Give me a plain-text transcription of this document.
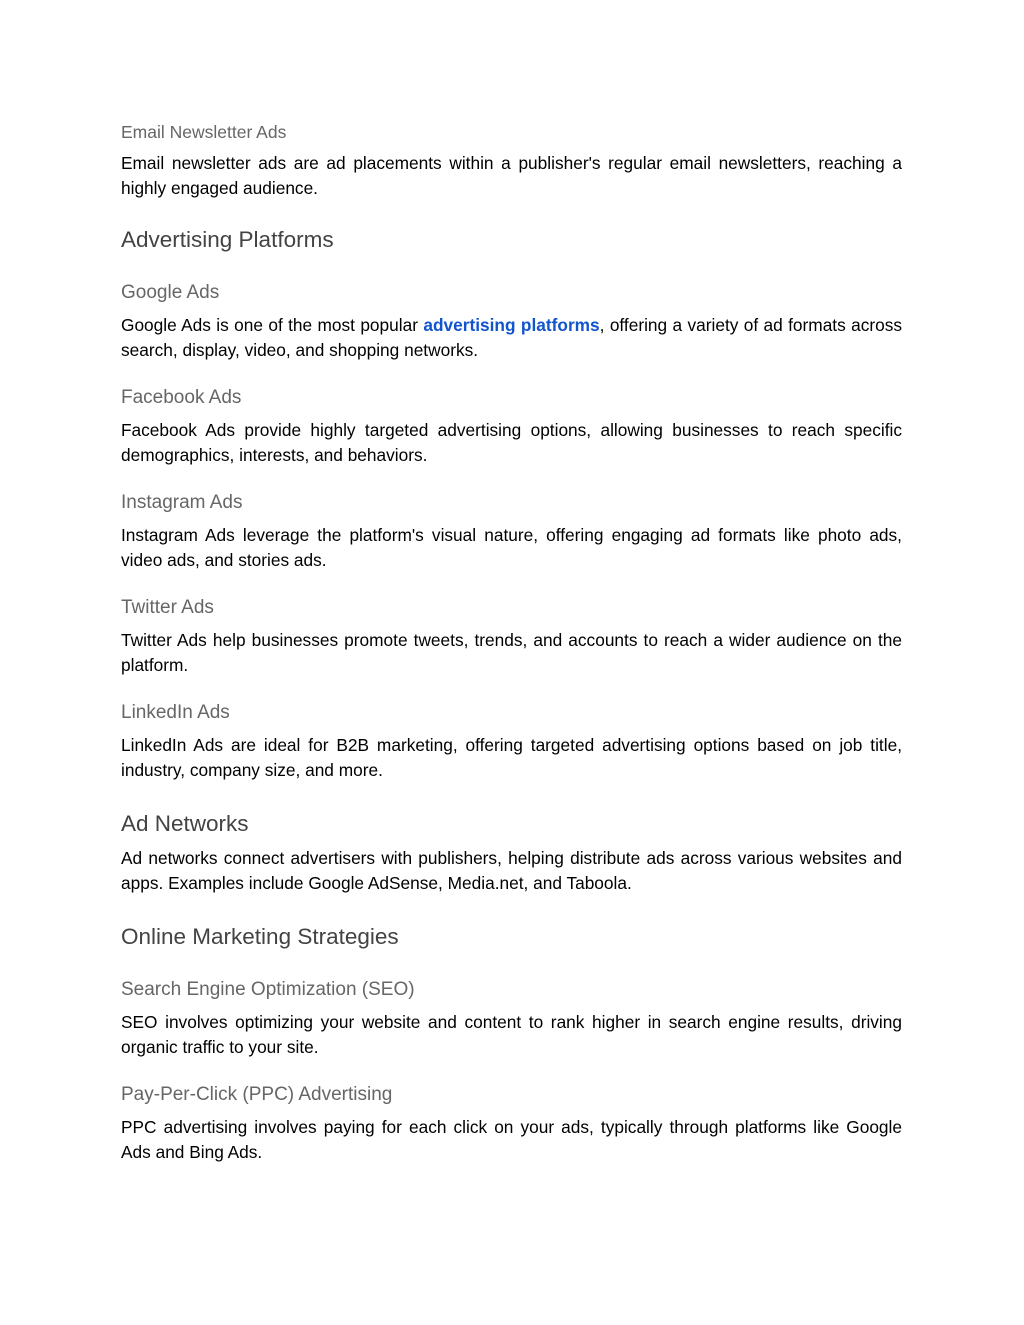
Email Newsletter Ads

Email newsletter ads are ad placements within a publisher's regular email newsletters, reaching a highly engaged audience.

Advertising Platforms
Google Ads

Google Ads is one of the most popular advertising platforms, offering a variety of ad formats across search, display, video, and shopping networks.

Facebook Ads

Facebook Ads provide highly targeted advertising options, allowing businesses to reach specific demographics, interests, and behaviors.

Instagram Ads

Instagram Ads leverage the platform's visual nature, offering engaging ad formats like photo ads, video ads, and stories ads.

Twitter Ads

Twitter Ads help businesses promote tweets, trends, and accounts to reach a wider audience on the platform.

LinkedIn Ads

LinkedIn Ads are ideal for B2B marketing, offering targeted advertising options based on job title, industry, company size, and more.

Ad Networks

Ad networks connect advertisers with publishers, helping distribute ads across various websites and apps. Examples include Google AdSense, Media.net, and Taboola.

Online Marketing Strategies
Search Engine Optimization (SEO)

SEO involves optimizing your website and content to rank higher in search engine results, driving organic traffic to your site.

Pay-Per-Click (PPC) Advertising

PPC advertising involves paying for each click on your ads, typically through platforms like Google Ads and Bing Ads.
